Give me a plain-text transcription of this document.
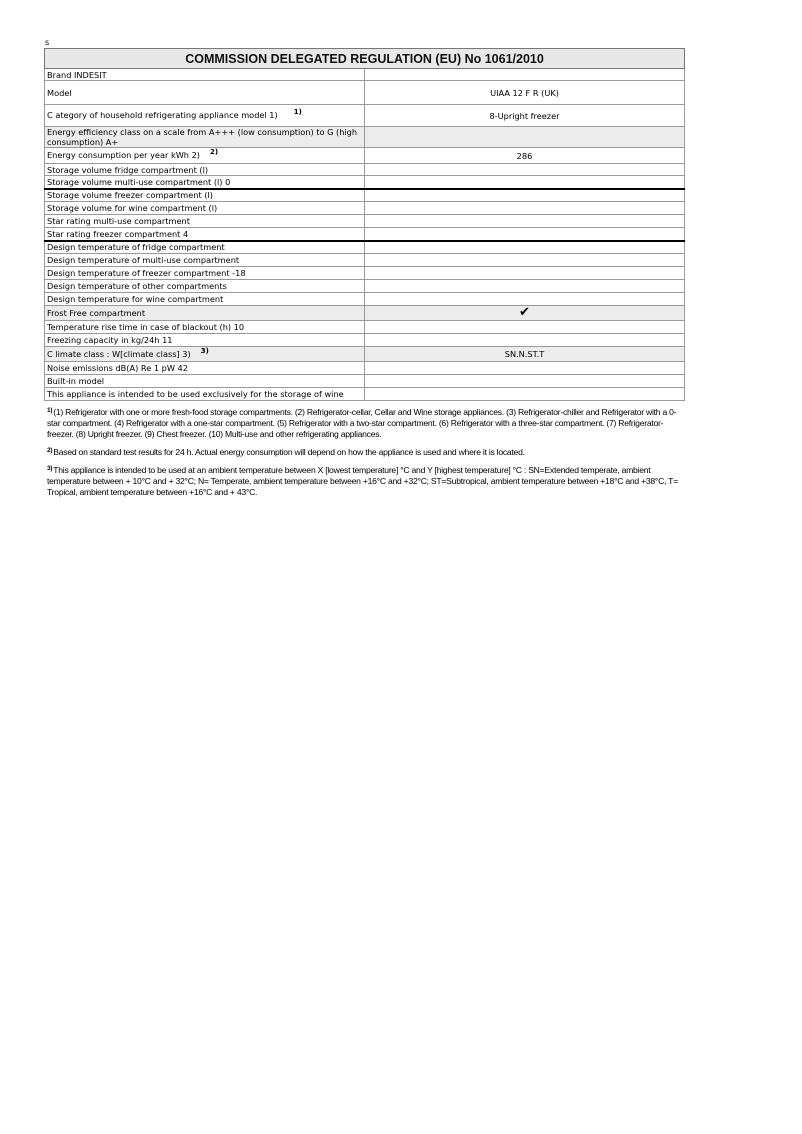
s
COMMISSION DELEGATED REGULATION (EU) No 1061/2010	
Brand INDESIT	
Model	UIAA 12 F R (UK)
C ategory of household refrigerating appliance model 1) 1)	8-Upright freezer
Energy efficiency class on a scale from A+++ (low consumption) to G (high consumption) A+	
Energy consumption per year kWh 2) 2)	286
Storage volume fridge compartment (l)	
Storage volume multi-use compartment (l) 0	
Storage volume freezer compartment (l)	
Storage volume for wine compartment (l)	
Star rating multi-use compartment	
Star rating freezer compartment 4	
Design temperature of fridge compartment	
Design temperature of multi-use compartment	
Design temperature of freezer compartment -18	
Design temperature of other compartments	
Design temperature for wine compartment	
Frost Free compartment	✔
Temperature rise time in case of blackout (h) 10	
Freezing capacity in kg/24h 11	
C limate class : W[climate class] 3) 3)	SN.N.ST.T
Noise emissions dB(A) Re 1 pW 42	
Built-in model	
This appliance is intended to be used exclusively for the storage of wine	

$^{1)}$(1) Refrigerator with one or more fresh-food storage compartments. (2) Refrigerator-cellar, Cellar and Wine storage appliances. (3) Refrigerator-chiller and Refrigerator with a 0-star compartment. (4) Refrigerator with a one-star compartment. (5) Refrigerator with a two-star compartment. (6) Refrigerator with a three-star compartment. (7) Refrigerator-freezer. (8) Upright freezer. (9) Chest freezer. (10) Multi-use and other refrigerating appliances.

$^{2)}$Based on standard test results for 24 h. Actual energy consumption will depend on how the appliance is used and where it is located.

$^{3)}$This appliance is intended to be used at an ambient temperature between X [lowest temperature] °C and Y [highest temperature] °C : SN=Extended temperate, ambient temperature between + 10°C and + 32°C; N= Temperate, ambient temperature between +16°C and +32°C; ST=Subtropical, ambient temperature between +18°C and +38°C, T= Tropical, ambient temperature between +16°C and + 43°C.
